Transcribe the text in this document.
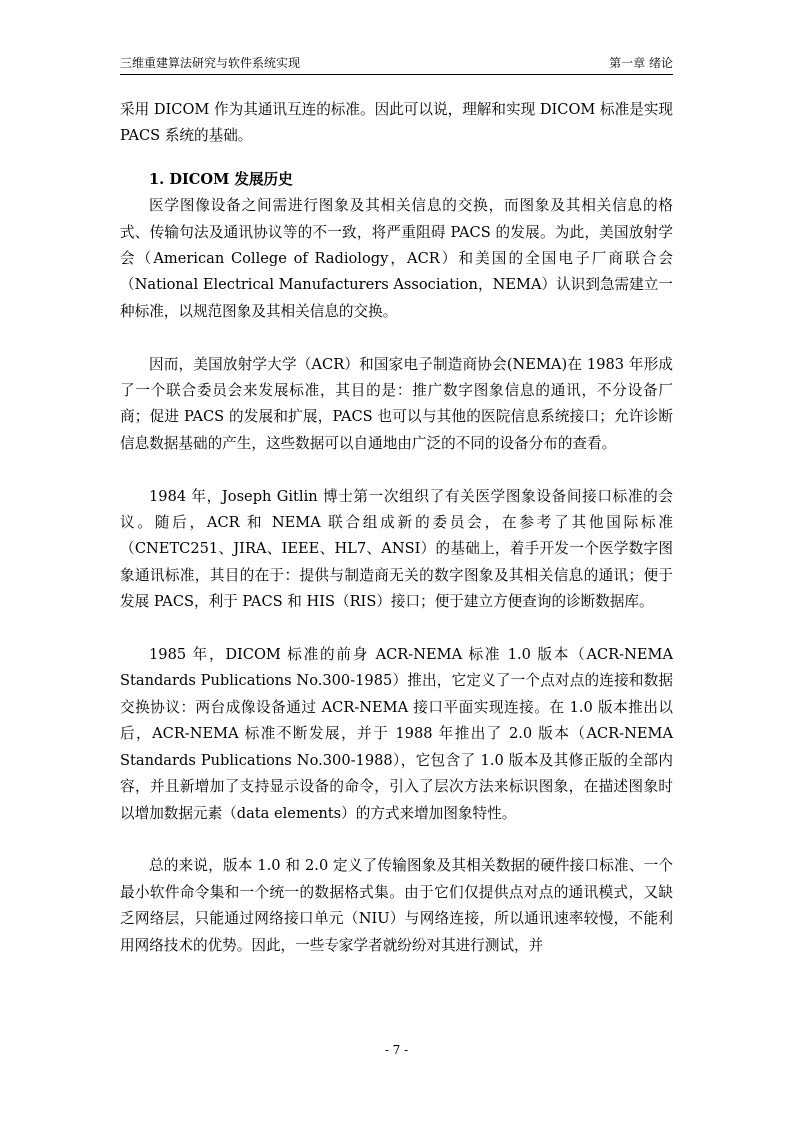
三维重建算法研究与软件系统实现	第一章 绪论

采用 DICOM 作为其通讯互连的标准。因此可以说，理解和实现 DICOM 标准是实现 PACS 系统的基础。

1. DICOM 发展历史

医学图像设备之间需进行图象及其相关信息的交换，而图象及其相关信息的格式、传输句法及通讯协议等的不一致，将严重阻碍 PACS 的发展。为此，美国放射学会（American College of Radiology，ACR）和美国的全国电子厂商联合会（National Electrical Manufacturers Association，NEMA）认识到急需建立一种标准，以规范图象及其相关信息的交换。

因而，美国放射学大学（ACR）和国家电子制造商协会(NEMA)在 1983 年形成了一个联合委员会来发展标准，其目的是：推广数字图象信息的通讯，不分设备厂商；促进 PACS 的发展和扩展，PACS 也可以与其他的医院信息系统接口；允许诊断信息数据基础的产生，这些数据可以自通地由广泛的不同的设备分布的查看。

1984 年，Joseph Gitlin 博士第一次组织了有关医学图象设备间接口标准的会议。随后，ACR 和 NEMA 联合组成新的委员会，在参考了其他国际标准（CNETC251、JIRA、IEEE、HL7、ANSI）的基础上，着手开发一个医学数字图象通讯标准，其目的在于：提供与制造商无关的数字图象及其相关信息的通讯；便于发展 PACS，利于 PACS 和 HIS（RIS）接口；便于建立方便查询的诊断数据库。

1985 年，DICOM 标准的前身 ACR-NEMA 标准 1.0 版本（ACR-NEMA Standards Publications No.300-1985）推出，它定义了一个点对点的连接和数据交换协议：两台成像设备通过 ACR-NEMA 接口平面实现连接。在 1.0 版本推出以后，ACR-NEMA 标准不断发展，并于 1988 年推出了 2.0 版本（ACR-NEMA Standards Publications No.300-1988），它包含了 1.0 版本及其修正版的全部内容，并且新增加了支持显示设备的命令，引入了层次方法来标识图象，在描述图象时以增加数据元素（data elements）的方式来增加图象特性。

总的来说，版本 1.0 和 2.0 定义了传输图象及其相关数据的硬件接口标准、一个最小软件命令集和一个统一的数据格式集。由于它们仅提供点对点的通讯模式，又缺乏网络层，只能通过网络接口单元（NIU）与网络连接，所以通讯速率较慢，不能利用网络技术的优势。因此，一些专家学者就纷纷对其进行测试，并

- 7 -
